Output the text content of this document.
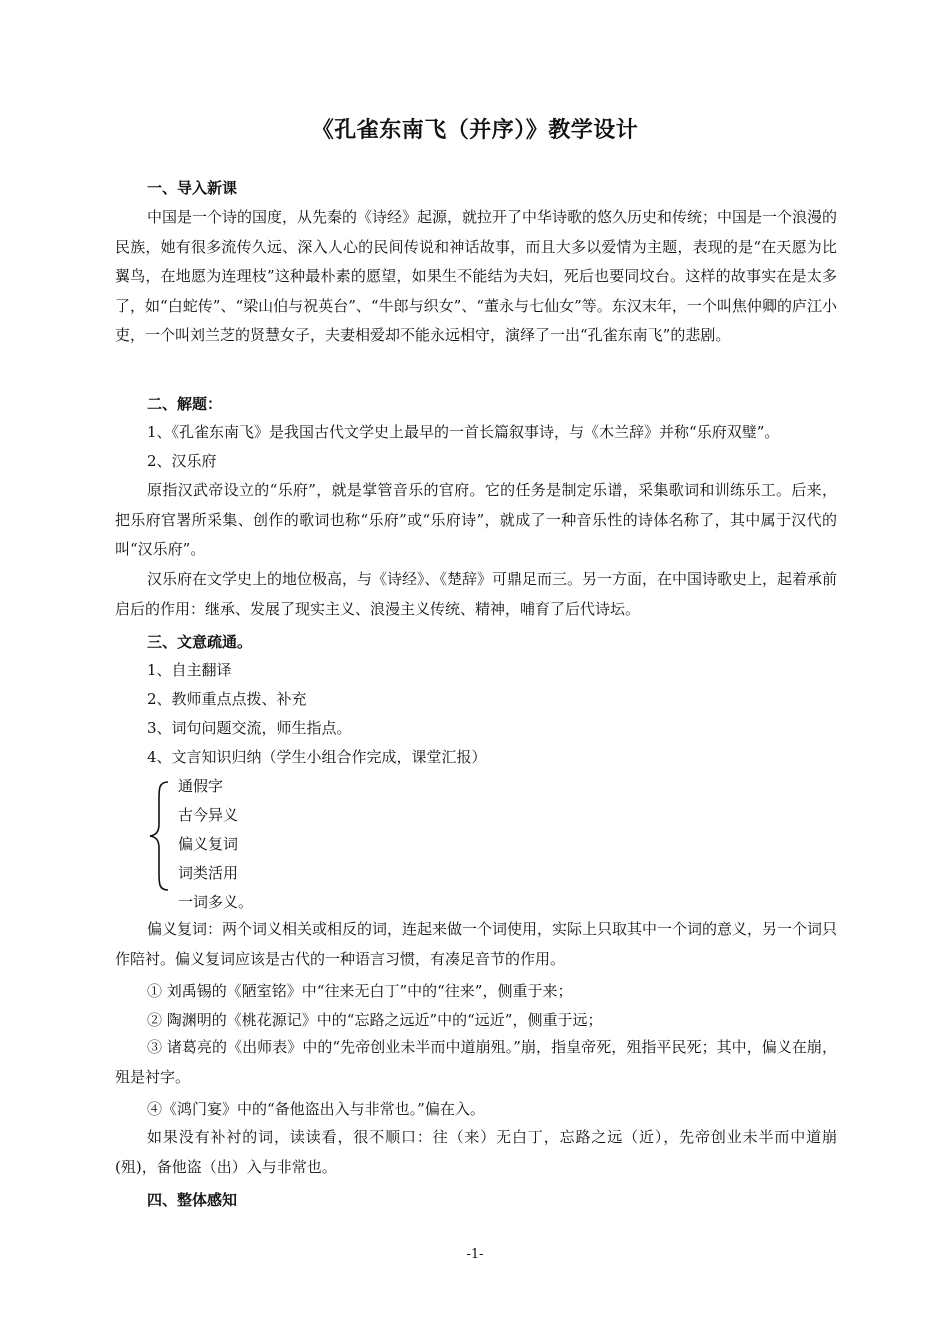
《孔雀东南飞（并序）》教学设计
一、导入新课
中国是一个诗的国度，从先秦的《诗经》起源，就拉开了中华诗歌的悠久历史和传统；中国是一个浪漫的民族，她有很多流传久远、深入人心的民间传说和神话故事，而且大多以爱情为主题，表现的是“在天愿为比翼鸟，在地愿为连理枝”这种最朴素的愿望，如果生不能结为夫妇，死后也要同坟台。这样的故事实在是太多了，如“白蛇传”、“梁山伯与祝英台”、“牛郎与织女”、“董永与七仙女”等。东汉末年，一个叫焦仲卿的庐江小吏，一个叫刘兰芝的贤慧女子，夫妻相爱却不能永远相守，演绎了一出“孔雀东南飞”的悲剧。
二、解题：
1、《孔雀东南飞》是我国古代文学史上最早的一首长篇叙事诗，与《木兰辞》并称“乐府双璧”。
2、汉乐府
原指汉武帝设立的“乐府”，就是掌管音乐的官府。它的任务是制定乐谱，采集歌词和训练乐工。后来，把乐府官署所采集、创作的歌词也称“乐府”或“乐府诗”，就成了一种音乐性的诗体名称了，其中属于汉代的叫“汉乐府”。
汉乐府在文学史上的地位极高，与《诗经》、《楚辞》可鼎足而三。另一方面，在中国诗歌史上，起着承前启后的作用：继承、发展了现实主义、浪漫主义传统、精神，哺育了后代诗坛。
三、文意疏通。
1、自主翻译
2、教师重点点拨、补充
3、词句问题交流，师生指点。
4、文言知识归纳（学生小组合作完成，课堂汇报）
通假字
古今异义
偏义复词
词类活用
一词多义。
偏义复词：两个词义相关或相反的词，连起来做一个词使用，实际上只取其中一个词的意义，另一个词只作陪衬。偏义复词应该是古代的一种语言习惯，有凑足音节的作用。
① 刘禹锡的《陋室铭》中“往来无白丁”中的“往来”，侧重于来；
② 陶渊明的《桃花源记》中的“忘路之远近”中的“远近”，侧重于远；
③ 诸葛亮的《出师表》中的“先帝创业未半而中道崩殂。”崩，指皇帝死，殂指平民死；其中，偏义在崩，殂是衬字。
④《鸿门宴》中的“备他盗出入与非常也。”偏在入。
如果没有补衬的词，读读看，很不顺口：往（来）无白丁，忘路之远（近），先帝创业未半而中道崩(殂)，备他盗（出）入与非常也。
四、整体感知
-1-
